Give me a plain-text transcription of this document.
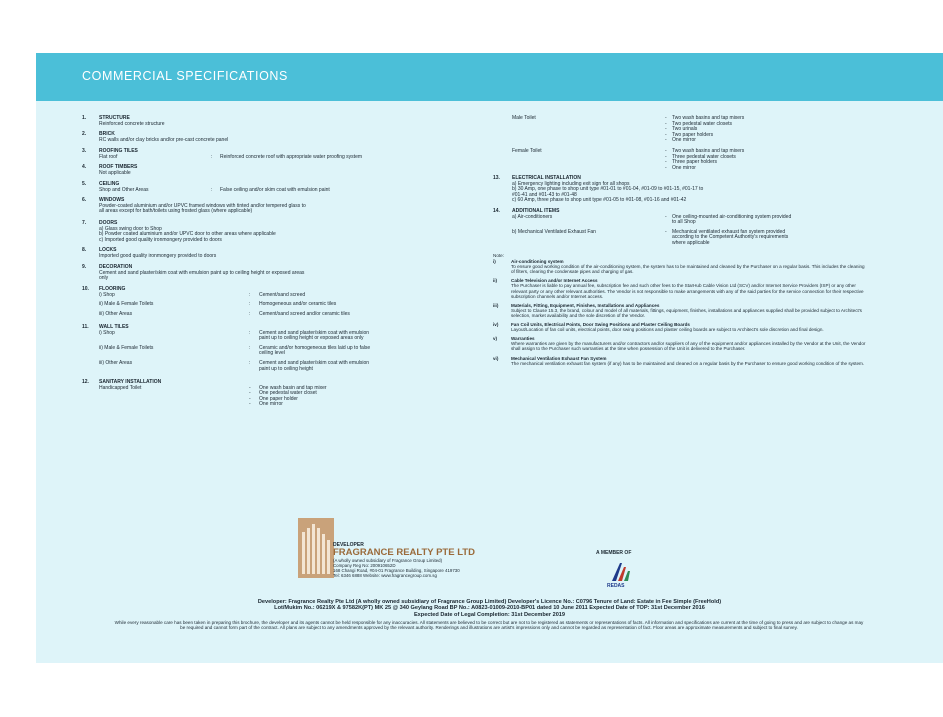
COMMERCIAL SPECIFICATIONS
1.	STRUCTURE
Reinforced concrete structure
2.	BRICK
RC walls and/or clay bricks and/or pre-cast concrete panel
3.	ROOFING TILES
Flat roof	: Reinforced concrete roof with appropriate water proofing system
4.	ROOF TIMBERS
Not applicable
5.	CEILING
Shop and Other Areas	: False ceiling and/or skim coat with emulsion paint
6.	WINDOWS
Powder-coated aluminium and/or UPVC framed windows with tinted and/or tempered glass to
all areas except for bath/toilets using frosted glass (where applicable)
7.	DOORS
a) Glass swing door to Shop
b) Powder coated aluminium and/or UPVC door to other areas where applicable
c) Imported good quality ironmongery provided to doors
8.	LOCKS
Imported good quality ironmongery provided to doors
9.	DECORATION
Cement and sand plaster/skim coat with emulsion paint up to ceiling height or exposed areas
only
10. FLOORING
i) Shop	: Cement/sand screed
ii) Male & Female Toilets	: Homogeneous and/or ceramic tiles
iii) Other Areas	: Cement/sand screed and/or ceramic tiles
11. WALL TILES
i) Shop	: Cement and sand plaster/skim coat with emulsion
paint up to ceiling height or exposed areas only
ii) Male & Female Toilets	: Ceramic and/or homogeneous tiles laid up to false
ceiling level
iii) Other Areas	: Cement and sand plaster/skim coat with emulsion
paint up to ceiling height
12. SANITARY INSTALLATION
Handicapped Toilet	- One wash basin and tap mixer
- One pedestal water closet
- One paper holder
- One mirror
Male Toilet	- Two wash basins and tap mixers
- Two pedestal water closets
- Two urinals
- Two paper holders
- One mirror
Female Toilet	- Two wash basins and tap mixers
- Three pedestal water closets
- Three paper holders
- One mirror
13. ELECTRICAL INSTALLATION
a) Emergency lighting including exit sign for all shops
b) 30 Amp, one phase to shop unit type #01-01 to #01-04, #01-09 to #01-15, #01-17 to
#01-41 and #01-43 to #01-48
c) 60 Amp, three phase to shop unit type #01-05 to #01-08, #01-16 and #01-42
14. ADDITIONAL ITEMS
a) Air-conditioners	- One ceiling-mounted air-conditioning system provided
to all Shop
b) Mechanical Ventilated Exhaust Fan	- Mechanical ventilated exhaust fan system provided
according to the Competent Authority's requirements
where applicable
Note:
i)	Air-conditioning system
To ensure good working condition of the air-conditioning system, the system has to be maintained and cleaned by the Purchaser on a regular basis. This includes the cleaning of filters, clearing the condensate pipes and charging of gas.
ii)	Cable Television and/or Internet Access
The Purchaser is liable to pay annual fee, subscription fee and such other fees to the StarHub Cable Vision Ltd (SCV) and/or Internet Service Providers (ISP) or any other relevant party or any other relevant authorities. The Vendor is not responsible to make arrangements with any of the said parties for the service connection for their respective subscription channels and/or Internet access.
iii)	Materials, Fitting, Equipment, Finishes, Installations and Appliances
Subject to Clause 15.3, the brand, colour and model of all materials, fittings, equipment, finishes, installations and appliances supplied shall be provided subject to Architect's selection, market availability and the sole discretion of the Vendor.
iv)	Fan Coil Units, Electrical Points, Door Swing Positions and Plaster Ceiling Boards
Layout/Location of fan coil units, electrical points, door swing positions and plaster ceiling boards are subject to Architect's sole discretion and final design.
v)	Warranties
Where warranties are given by the manufacturers and/or contractors and/or suppliers of any of the equipment and/or appliances installed by the Vendor at the Unit, the Vendor shall assign to the Purchaser such warranties at the time when possession of the Unit is delivered to the Purchaser.
vi)	Mechanical Ventilation Exhaust Fan System
The mechanical ventilation exhaust fan system (if any) has to be maintained and cleaned on a regular basis by the Purchaser to ensure good working condition of the system.
DEVELOPER
FRAGRANCE REALTY PTE LTD
(A wholly owned subsidiary of Fragrance Group Limited)
Company Reg No: 200910652D
168 Changi Road, #04-01 Fragrance Building, Singapore 419730
Tel: 6346 6888 Website: www.fragrancegroup.com.sg
A MEMBER OF
REDAS
Developer: Fragrance Realty Pte Ltd (A wholly owned subsidiary of Fragrance Group Limited) Developer's Licence No.: C0796 Tenure of Land: Estate in Fee Simple (FreeHold)
Lot/Mukim No.: 06219X & 97582K(PT) MK 25 @ 340 Geylang Road BP No.: A0823-01009-2010-BP01 dated 10 June 2011 Expected Date of TOP: 31st December 2016
Expected Date of Legal Completion: 31st December 2019
While every reasonable care has been taken in preparing this brochure, the developer and its agents cannot be held responsible for any inaccuracies. All statements are believed to be correct but are not to be registered as statements or representations of facts. All information and specifications are current at the time of going to press and are subject to change as may be required and cannot form part of the contract. All plans are subject to any amendments approved by the relevant authority. Renderings and illustrations are artist's impressions only and cannot be regarded as representation of fact. Floor areas are approximate measurements and subject to final survey.
